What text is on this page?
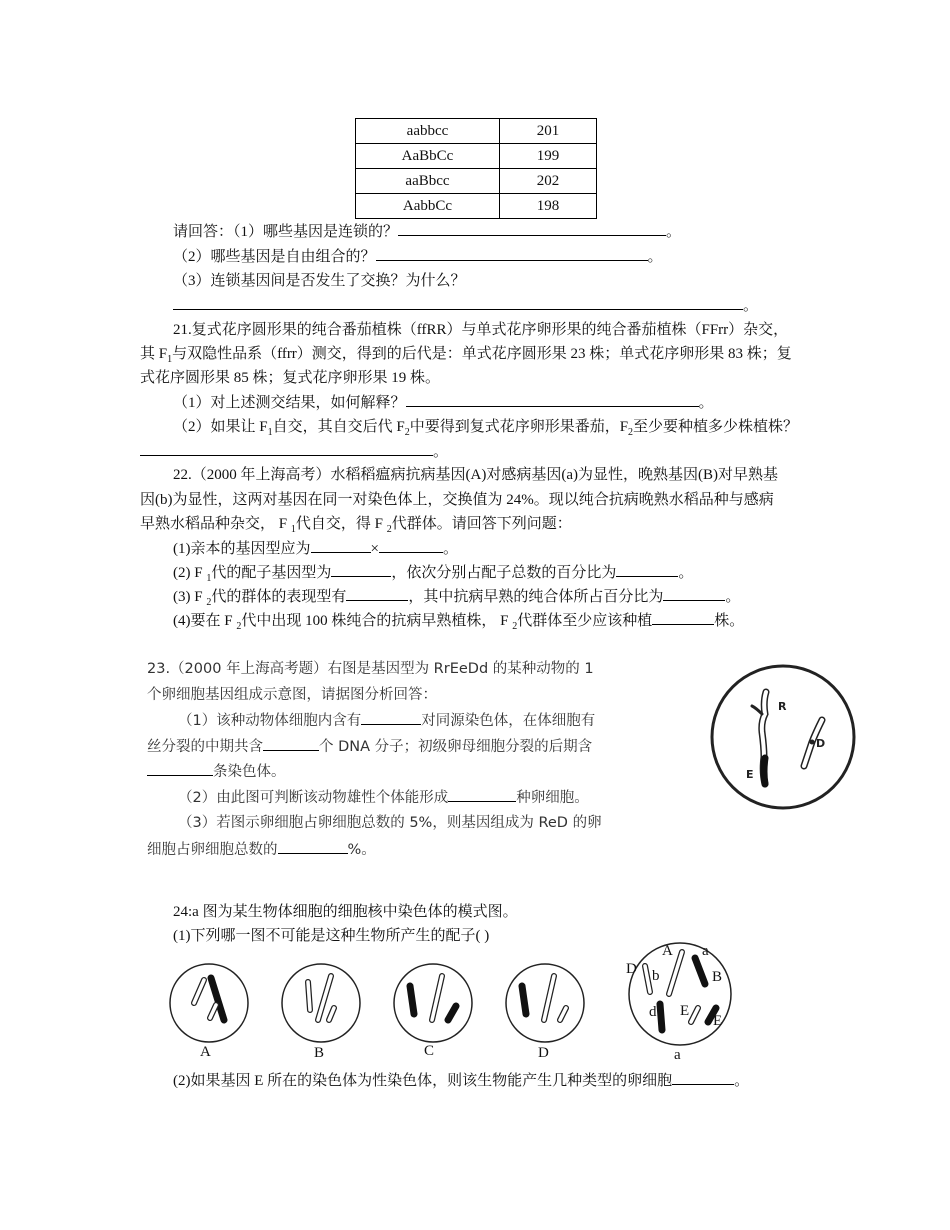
aabbcc	201
AaBbCc	199
aaBbcc	202
AabbCc	198
请回答：（1）哪些基因是连锁的？	。
（2）哪些基因是自由组合的？	。
（3）连锁基因间是否发生了交换？为什么？
。
21.复式花序圆形果的纯合番茄植株（ffRR）与单式花序卵形果的纯合番茄植株（FFrr）杂交，
其 $F_1$与双隐性品系（ffrr）测交，得到的后代是：单式花序圆形果 23 株；单式花序卵形果 83 株；复
式花序圆形果 85 株；复式花序卵形果 19 株。
（1）对上述测交结果，如何解释？	。
（2）如果让 $F_1$自交，其自交后代 $F_2$中要得到复式花序卵形果番茄，$F_2$至少要种植多少株植株？
。
22.（2000 年上海高考）水稻稻瘟病抗病基因(A)对感病基因(a)为显性，晚熟基因(B)对早熟基
因(b)为显性，这两对基因在同一对染色体上，交换值为 24%。现以纯合抗病晚熟水稻品种与感病
早熟水稻品种杂交， F $_1$代自交，得 F $_2$代群体。请回答下列问题：
(1)亲本的基因型应为	×	。
(2) F $_1$代的配子基因型为	，依次分别占配子总数的百分比为	。
(3) F $_2$代的群体的表现型有	，其中抗病早熟的纯合体所占百分比为	。
(4)要在 F $_2$代中出现 100 株纯合的抗病早熟植株， F $_2$代群体至少应该种植	株。
23.（2000 年上海高考题）右图是基因型为 RrEeDd 的某种动物的 1
个卵细胞基因组成示意图，请据图分析回答：
（1）该种动物体细胞内含有	对同源染色体，在体细胞有
丝分裂的中期共含	个 DNA 分子；初级卵母细胞分裂的后期含
条染色体。
（2）由此图可判断该动物雄性个体能形成	种卵细胞。
（3）若图示卵细胞占卵细胞总数的 5%，则基因组成为 ReD 的卵
细胞占卵细胞总数的	%。
R
D
E
24:a 图为某生物体细胞的细胞核中染色体的模式图。
(1)下列哪一图不可能是这种生物所产生的配子( )
A a
D b	B
d E
E
A	B	C	D	a
(2)如果基因 E 所在的染色体为性染色体，则该生物能产生几种类型的卵细胞	。
